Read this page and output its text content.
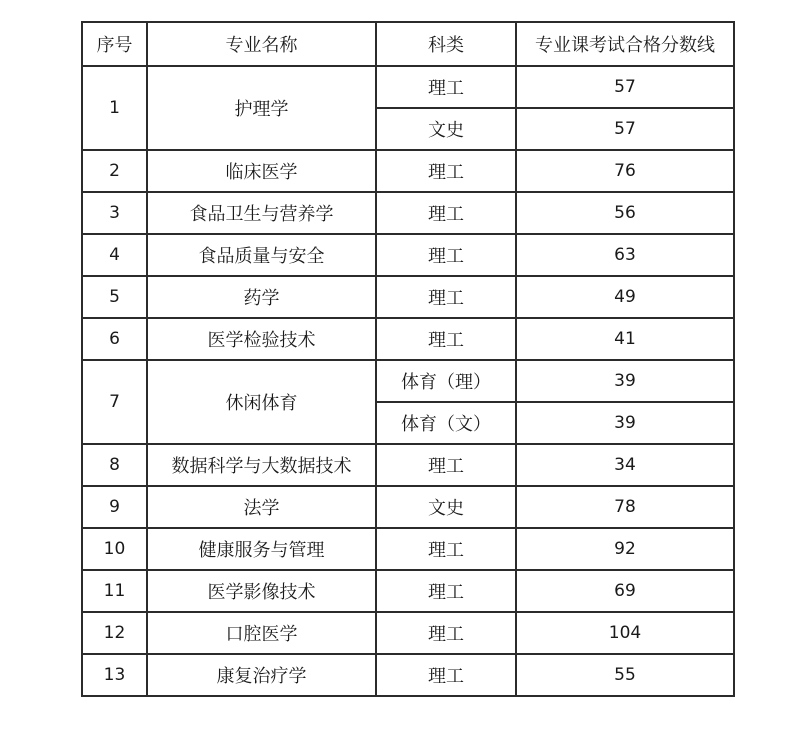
序号	专业名称	科类	专业课考试合格分数线
1	护理学	理工	57
		文史	57
2	临床医学	理工	76
3	食品卫生与营养学	理工	56
4	食品质量与安全	理工	63
5	药学	理工	49
6	医学检验技术	理工	41
7	休闲体育	体育（理）	39
		体育（文）	39
8	数据科学与大数据技术	理工	34
9	法学	文史	78
10	健康服务与管理	理工	92
11	医学影像技术	理工	69
12	口腔医学	理工	104
13	康复治疗学	理工	55
